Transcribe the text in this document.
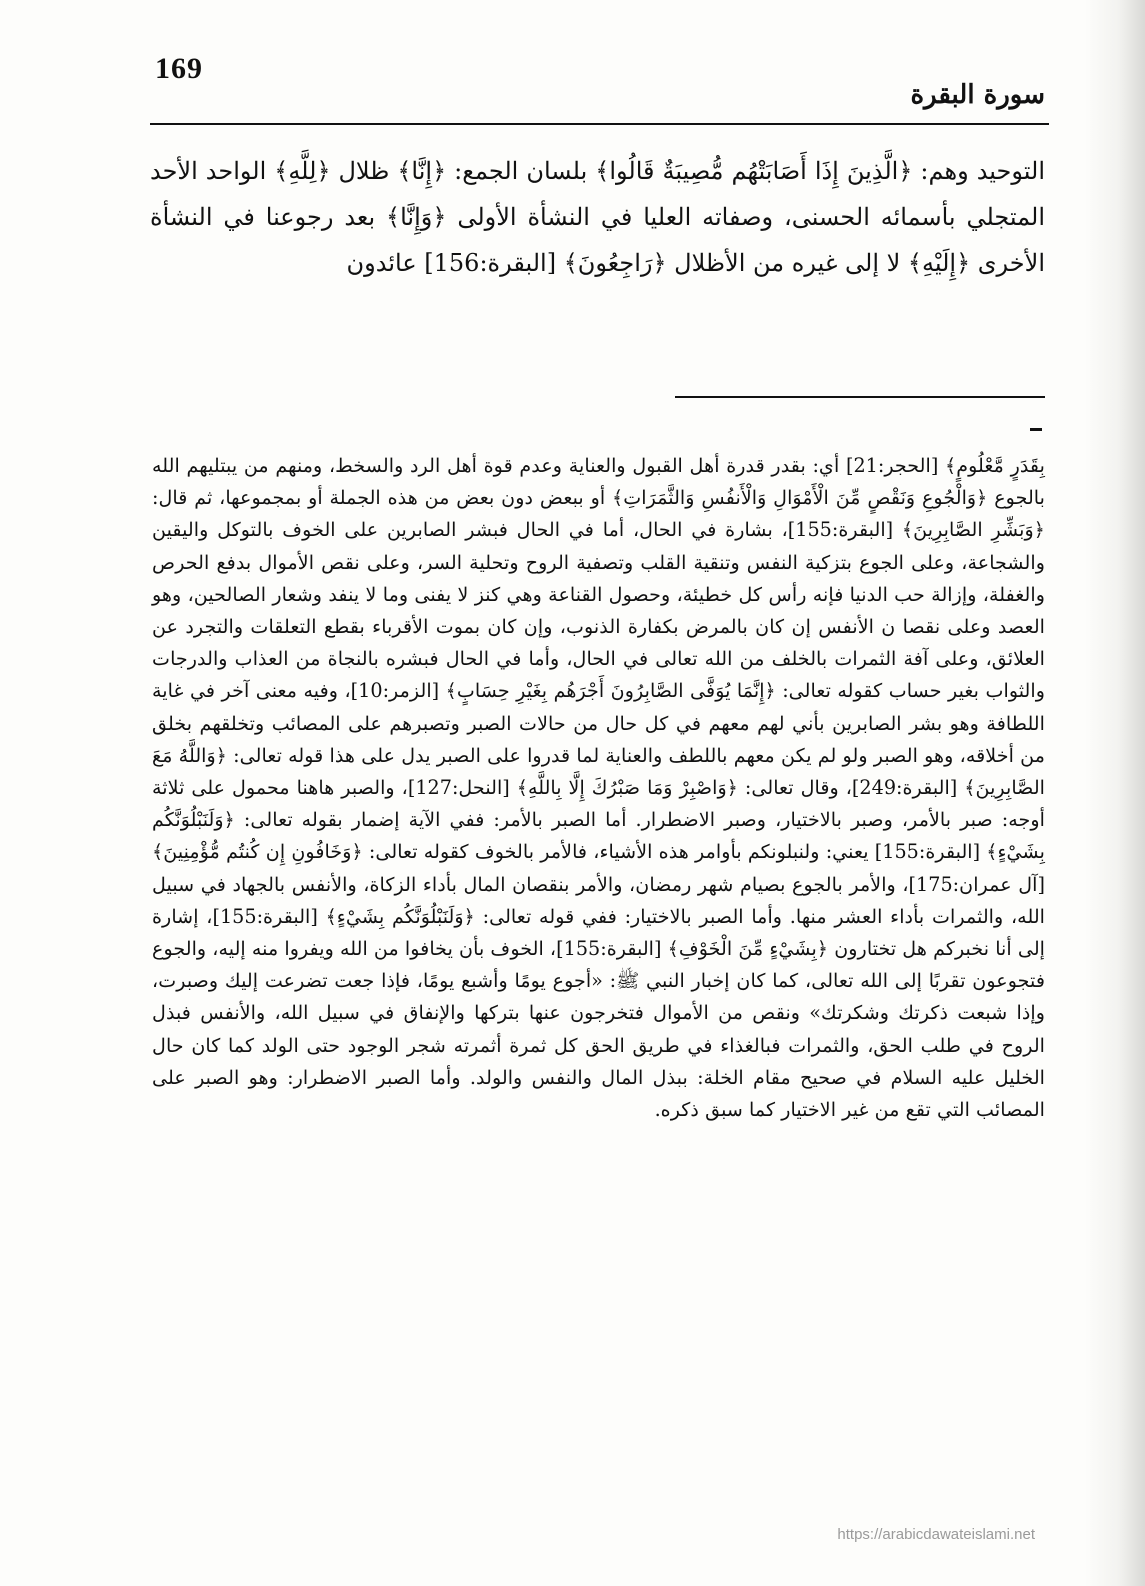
169
سورة البقرة

التوحيد وهم: ﴿الَّذِينَ إِذَا أَصَابَتْهُم مُّصِيبَةٌ قَالُوا﴾ بلسان الجمع: ﴿إِنَّا﴾ ظلال ﴿لِلَّهِ﴾ الواحد الأحد المتجلي بأسمائه الحسنى، وصفاته العليا في النشأة الأولى ﴿وَإِنَّا﴾ بعد رجوعنا في النشأة الأخرى ﴿إِلَيْهِ﴾ لا إلى غيره من الأظلال ﴿رَاجِعُونَ﴾ [البقرة:156] عائدون

بِقَدَرٍ مَّعْلُومٍ﴾ [الحجر:21] أي: بقدر قدرة أهل القبول والعناية وعدم قوة أهل الرد والسخط، ومنهم من يبتليهم الله بالجوع ﴿وَالْجُوعِ وَنَقْصٍ مِّنَ الْأَمْوَالِ وَالْأَنفُسِ وَالثَّمَرَاتِ﴾ أو ببعض دون بعض من هذه الجملة أو بمجموعها، ثم قال: ﴿وَبَشِّرِ الصَّابِرِينَ﴾ [البقرة:155]، بشارة في الحال، أما في الحال فبشر الصابرين على الخوف بالتوكل واليقين والشجاعة، وعلى الجوع بتزكية النفس وتنقية القلب وتصفية الروح وتحلية السر، وعلى نقص الأموال بدفع الحرص والغفلة، وإزالة حب الدنيا فإنه رأس كل خطيئة، وحصول القناعة وهي كنز لا يفنى وما لا ينفد وشعار الصالحين، وهو العصد وعلى نقصا ن الأنفس إن كان بالمرض بكفارة الذنوب، وإن كان بموت الأقرباء بقطع التعلقات والتجرد عن العلائق، وعلى آفة الثمرات بالخلف من الله تعالى في الحال، وأما في الحال فبشره بالنجاة من العذاب والدرجات والثواب بغير حساب كقوله تعالى: ﴿إِنَّمَا يُوَفَّى الصَّابِرُونَ أَجْرَهُم بِغَيْرِ حِسَابٍ﴾ [الزمر:10]، وفيه معنى آخر في غاية اللطافة وهو بشر الصابرين بأني لهم معهم في كل حال من حالات الصبر وتصبرهم على المصائب وتخلقهم بخلق من أخلاقه، وهو الصبر ولو لم يكن معهم باللطف والعناية لما قدروا على الصبر يدل على هذا قوله تعالى: ﴿وَاللَّهُ مَعَ الصَّابِرِينَ﴾ [البقرة:249]، وقال تعالى: ﴿وَاصْبِرْ وَمَا صَبْرُكَ إِلَّا بِاللَّهِ﴾ [النحل:127]، والصبر هاهنا محمول على ثلاثة أوجه: صبر بالأمر، وصبر بالاختيار، وصبر الاضطرار. أما الصبر بالأمر: ففي الآية إضمار بقوله تعالى: ﴿وَلَنَبْلُوَنَّكُم بِشَيْءٍ﴾ [البقرة:155] يعني: ولنبلونكم بأوامر هذه الأشياء، فالأمر بالخوف كقوله تعالى: ﴿وَخَافُونِ إِن كُنتُم مُّؤْمِنِينَ﴾ [آل عمران:175]، والأمر بالجوع بصيام شهر رمضان، والأمر بنقصان المال بأداء الزكاة، والأنفس بالجهاد في سبيل الله، والثمرات بأداء العشر منها. وأما الصبر بالاختيار: ففي قوله تعالى: ﴿وَلَنَبْلُوَنَّكُم بِشَيْءٍ﴾ [البقرة:155]، إشارة إلى أنا نخبركم هل تختارون ﴿بِشَيْءٍ مِّنَ الْخَوْفِ﴾ [البقرة:155]، الخوف بأن يخافوا من الله ويفروا منه إليه، والجوع فتجوعون تقربًا إلى الله تعالى، كما كان إخبار النبي ﷺ: «أجوع يومًا وأشبع يومًا، فإذا جعت تضرعت إليك وصبرت، وإذا شبعت ذكرتك وشكرتك» ونقص من الأموال فتخرجون عنها بتركها والإنفاق في سبيل الله، والأنفس فبذل الروح في طلب الحق، والثمرات فبالغذاء في طريق الحق كل ثمرة أثمرته شجر الوجود حتى الولد كما كان حال الخليل عليه السلام في صحيح مقام الخلة: ببذل المال والنفس والولد. وأما الصبر الاضطرار: وهو الصبر على المصائب التي تقع من غير الاختيار كما سبق ذكره.

https://arabicdawateislami.net
